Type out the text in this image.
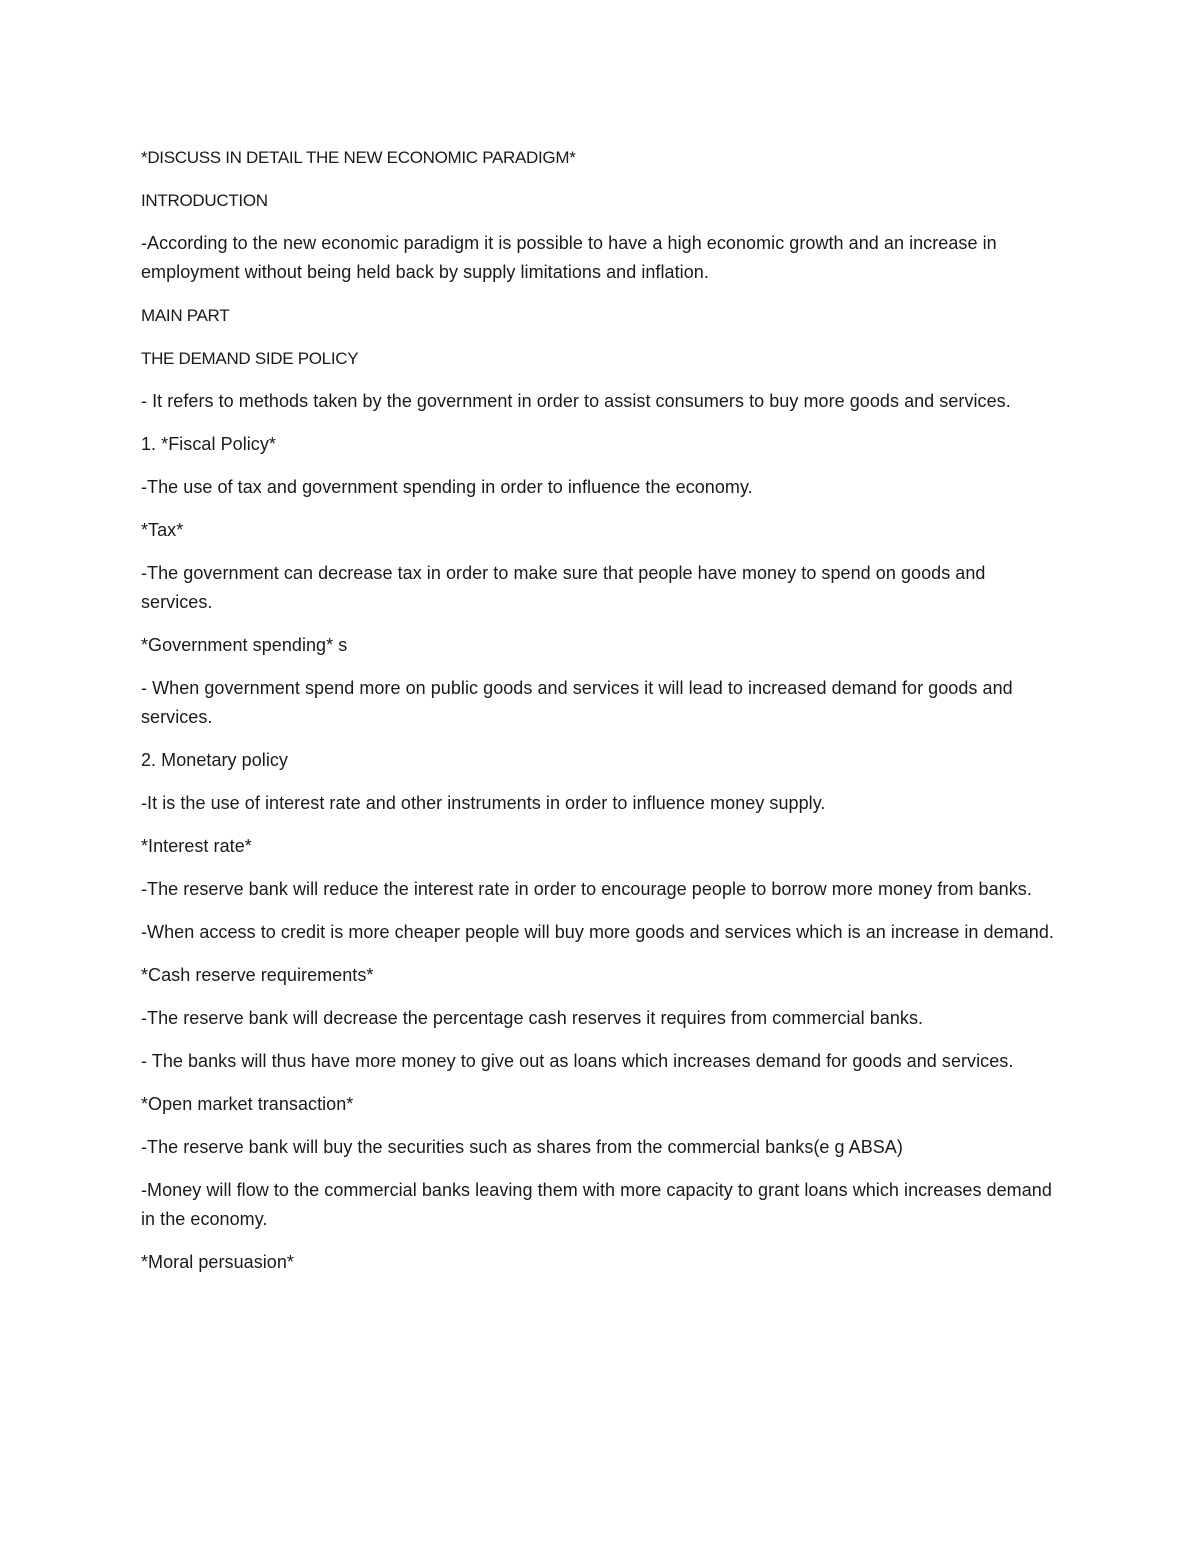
*DISCUSS IN DETAIL THE NEW ECONOMIC PARADIGM*

INTRODUCTION

-According to the new economic paradigm it is possible to have a high economic growth and an increase in employment without being held back by supply limitations and inflation.

MAIN PART

THE DEMAND SIDE POLICY

- It refers to methods taken by the government in order to assist consumers to buy more goods and services.

1. *Fiscal Policy*

-The use of tax and government spending in order to influence the economy.

*Tax*

-The government can decrease tax in order to make sure that people have money to spend on goods and services.

*Government spending* s

- When government spend more on public goods and services it will lead to increased demand for goods and services.

2. Monetary policy

-It is the use of interest rate and other instruments in order to influence money supply.

*Interest rate*

-The reserve bank will reduce the interest rate in order to encourage people to borrow more money from banks.

-When access to credit is more cheaper people will buy more goods and services which is an increase in demand.

*Cash reserve requirements*

-The reserve bank will decrease the percentage cash reserves it requires from commercial banks.

- The banks will thus have more money to give out as loans which increases demand for goods and services.

*Open market transaction*

-The reserve bank will buy the securities such as shares from the commercial banks(e g ABSA)

-Money will flow to the commercial banks leaving them with more capacity to grant loans which increases demand in the economy.

*Moral persuasion*
